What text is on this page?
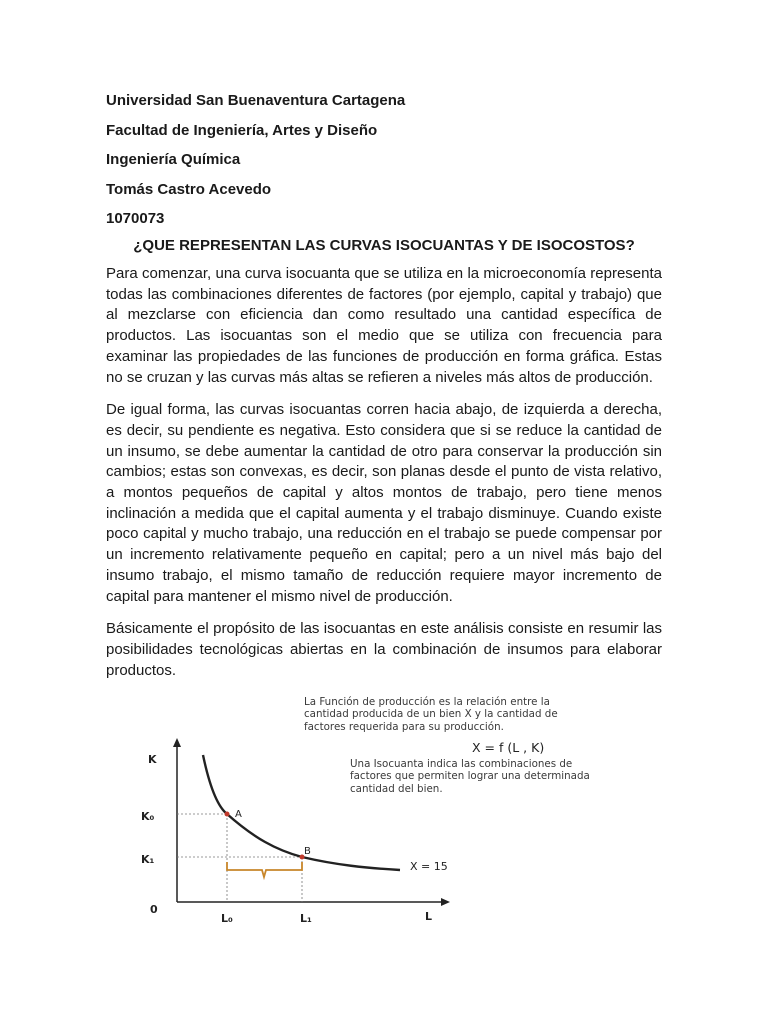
Universidad San Buenaventura Cartagena
Facultad de Ingeniería, Artes y Diseño
Ingeniería Química
Tomás Castro Acevedo
1070073
¿QUE REPRESENTAN LAS CURVAS ISOCUANTAS Y DE ISOCOSTOS?

Para comenzar, una curva isocuanta que se utiliza en la microeconomía representa todas las combinaciones diferentes de factores (por ejemplo, capital y trabajo) que al mezclarse con eficiencia dan como resultado una cantidad específica de productos. Las isocuantas son el medio que se utiliza con frecuencia para examinar las propiedades de las funciones de producción en forma gráfica. Estas no se cruzan y las curvas más altas se refieren a niveles más altos de producción.

De igual forma, las curvas isocuantas corren hacia abajo, de izquierda a derecha, es decir, su pendiente es negativa. Esto considera que si se reduce la cantidad de un insumo, se debe aumentar la cantidad de otro para conservar la producción sin cambios; estas son convexas, es decir, son planas desde el punto de vista relativo, a montos pequeños de capital y altos montos de trabajo, pero tiene menos inclinación a medida que el capital aumenta y el trabajo disminuye. Cuando existe poco capital y mucho trabajo, una reducción en el trabajo se puede compensar por un incremento relativamente pequeño en capital; pero a un nivel más bajo del insumo trabajo, el mismo tamaño de reducción requiere mayor incremento de capital para mantener el mismo nivel de producción.

Básicamente el propósito de las isocuantas en este análisis consiste en resumir las posibilidades tecnológicas abiertas en la combinación de insumos para elaborar productos.

K
L
0
K₀
K₁
L₀	L₁
A
B
X = 15
La Función de producción es la relación entre la
cantidad producida de un bien X y la cantidad de
factores requerida para su producción.
X = f (L , K)
Una Isocuanta indica las combinaciones de
factores que permiten lograr una determinada
cantidad del bien.
